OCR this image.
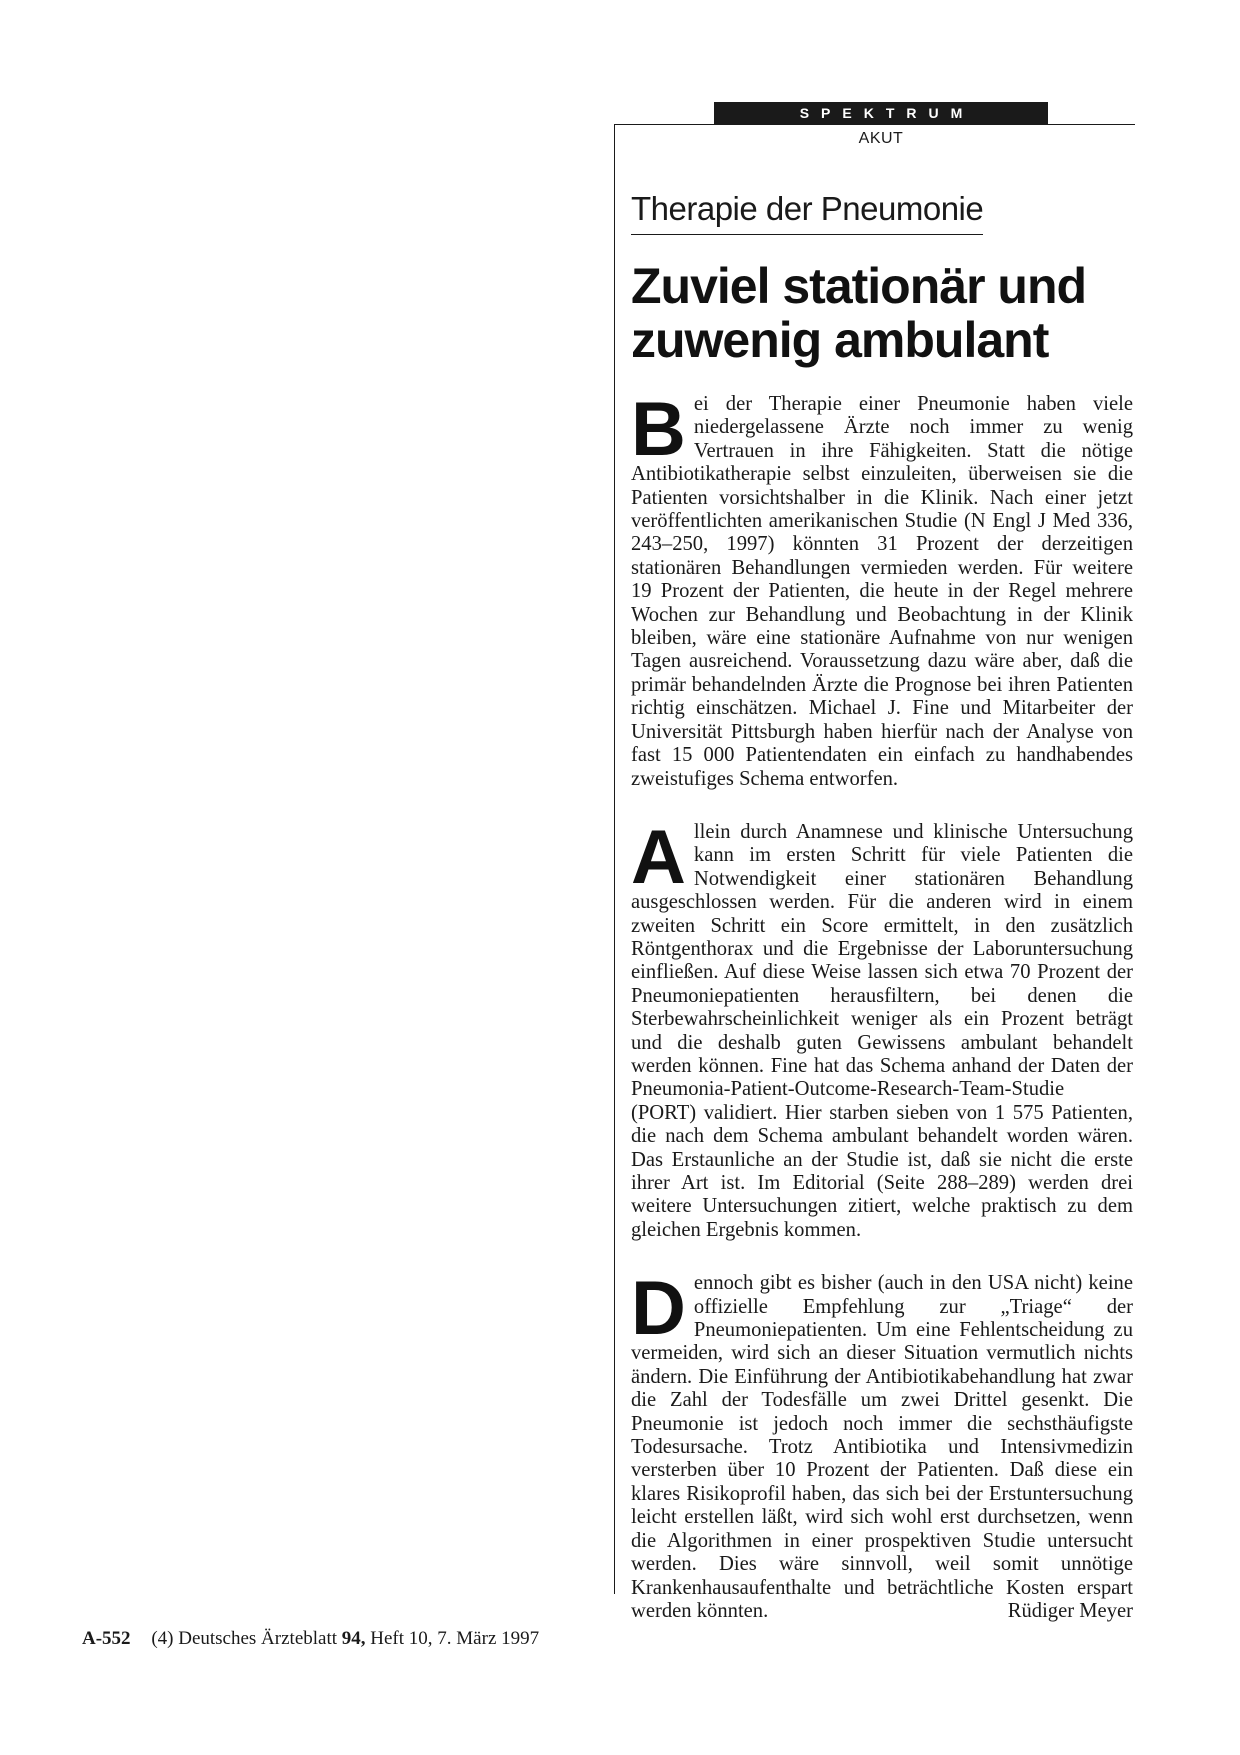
SPEKTRUM
AKUT
Therapie der Pneumonie
Zuviel stationär und
zuwenig ambulant

Bei der Therapie einer Pneumonie haben viele niedergelassene Ärzte noch immer zu wenig Vertrauen in ihre Fähigkeiten. Statt die nötige Antibiotikatherapie selbst einzuleiten, überweisen sie die Patienten vorsichtshalber in die Klinik. Nach einer jetzt veröffentlichten amerikanischen Studie (N Engl J Med 336, 243–250, 1997) könnten 31 Prozent der derzeitigen stationären Behandlungen vermieden werden. Für weitere 19 Prozent der Patienten, die heute in der Regel mehrere Wochen zur Behandlung und Beobachtung in der Klinik bleiben, wäre eine stationäre Aufnahme von nur wenigen Tagen ausreichend. Voraussetzung dazu wäre aber, daß die primär behandelnden Ärzte die Prognose bei ihren Patienten richtig einschätzen. Michael J. Fine und Mitarbeiter der Universität Pittsburgh haben hierfür nach der Analyse von fast 15 000 Patientendaten ein einfach zu handhabendes zweistufiges Schema entworfen.

Allein durch Anamnese und klinische Untersuchung kann im ersten Schritt für viele Patienten die Notwendigkeit einer stationären Behandlung ausgeschlossen werden. Für die anderen wird in einem zweiten Schritt ein Score ermittelt, in den zusätzlich Röntgenthorax und die Ergebnisse der Laboruntersuchung einfließen. Auf diese Weise lassen sich etwa 70 Prozent der Pneumoniepatienten herausfiltern, bei denen die Sterbewahrscheinlichkeit weniger als ein Prozent beträgt und die deshalb guten Gewissens ambulant behandelt werden können. Fine hat das Schema anhand der Daten der Pneumonia-Patient-Outcome-Research-Team-Studie (PORT) validiert. Hier starben sieben von 1 575 Patienten, die nach dem Schema ambulant behandelt worden wären. Das Erstaunliche an der Studie ist, daß sie nicht die erste ihrer Art ist. Im Editorial (Seite 288–289) werden drei weitere Untersuchungen zitiert, welche praktisch zu dem gleichen Ergebnis kommen.

Dennoch gibt es bisher (auch in den USA nicht) keine offizielle Empfehlung zur „Triage“ der Pneumoniepatienten. Um eine Fehlentscheidung zu vermeiden, wird sich an dieser Situation vermutlich nichts ändern. Die Einführung der Antibiotikabehandlung hat zwar die Zahl der Todesfälle um zwei Drittel gesenkt. Die Pneumonie ist jedoch noch immer die sechsthäufigste Todesursache. Trotz Antibiotika und Intensivmedizin versterben über 10 Prozent der Patienten. Daß diese ein klares Risikoprofil haben, das sich bei der Erstuntersuchung leicht erstellen läßt, wird sich wohl erst durchsetzen, wenn die Algorithmen in einer prospektiven Studie untersucht werden. Dies wäre sinnvoll, weil somit unnötige Krankenhausaufenthalte und beträchtliche Kosten erspart werden könnten.	Rüdiger Meyer

A-552 (4) Deutsches Ärzteblatt 94, Heft 10, 7. März 1997
